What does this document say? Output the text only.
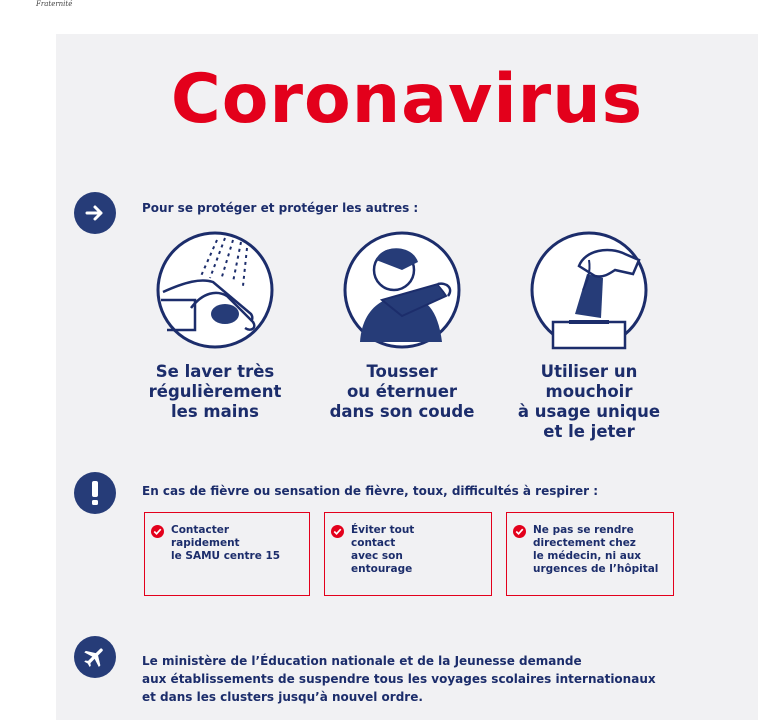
Fraternité
Coronavirus
Pour se protéger et protéger les autres :
Se laver très
régulièrement
les mains
Tousser
ou éternuer
dans son coude
Utiliser un
mouchoir
à usage unique
et le jeter
En cas de fièvre ou sensation de fièvre, toux, difficultés à respirer :
Contacter
rapidement
le SAMU centre 15
Éviter tout
contact
avec son
entourage
Ne pas se rendre
directement chez
le médecin, ni aux
urgences de l’hôpital
Le ministère de l’Éducation nationale et de la Jeunesse demande
aux établissements de suspendre tous les voyages scolaires internationaux
et dans les clusters jusqu’à nouvel ordre.
